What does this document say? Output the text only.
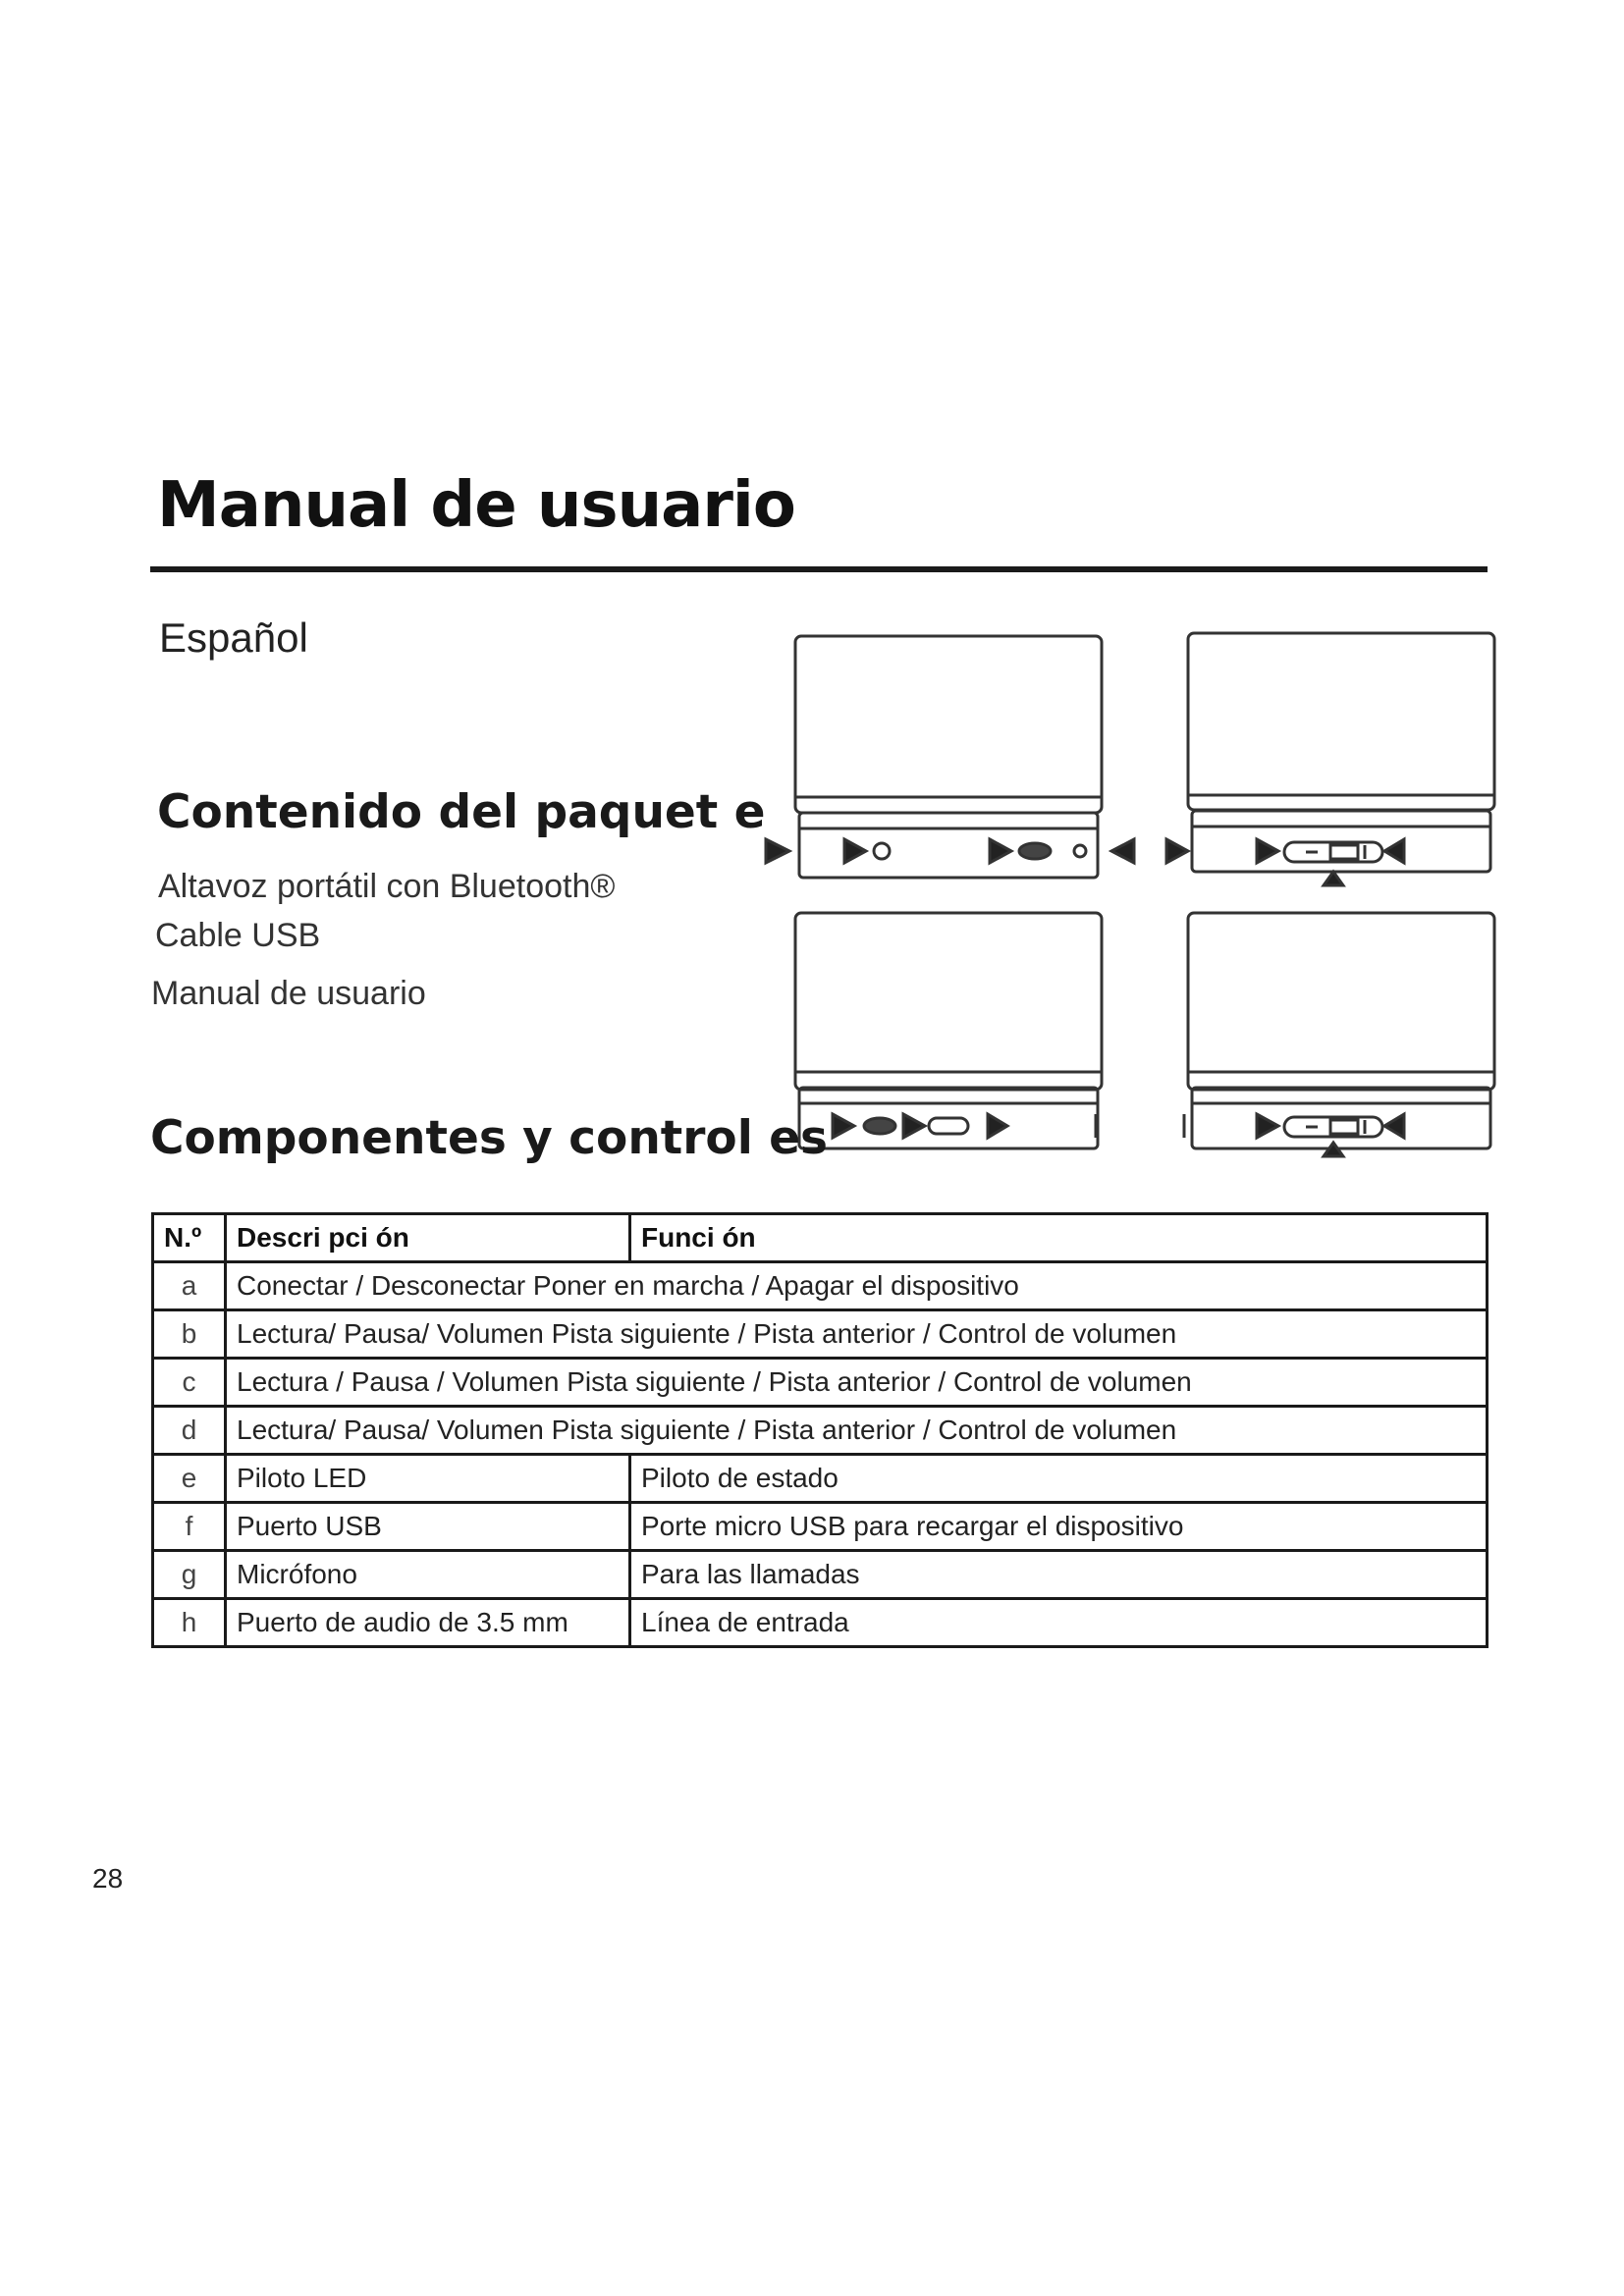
Manual de usuario
Español
Contenido del paquet e
Altavoz portátil con Bluetooth®
Cable USB
Manual de usuario
Componentes y control es
N.º	Descri pci ón	Funci ón
a	Conectar / Desconectar Poner en marcha / Apagar el dispositivo	
b	Lectura/ Pausa/ Volumen Pista siguiente / Pista anterior / Control de volumen	
c	Lectura / Pausa / Volumen Pista siguiente / Pista anterior / Control de volumen	
d	Lectura/ Pausa/ Volumen Pista siguiente / Pista anterior / Control de volumen	
e	Piloto LED	Piloto de estado
f	Puerto USB	Porte micro USB para recargar el dispositivo
g	Micrófono	Para las llamadas
h	Puerto de audio de 3.5 mm	Línea de entrada
28
